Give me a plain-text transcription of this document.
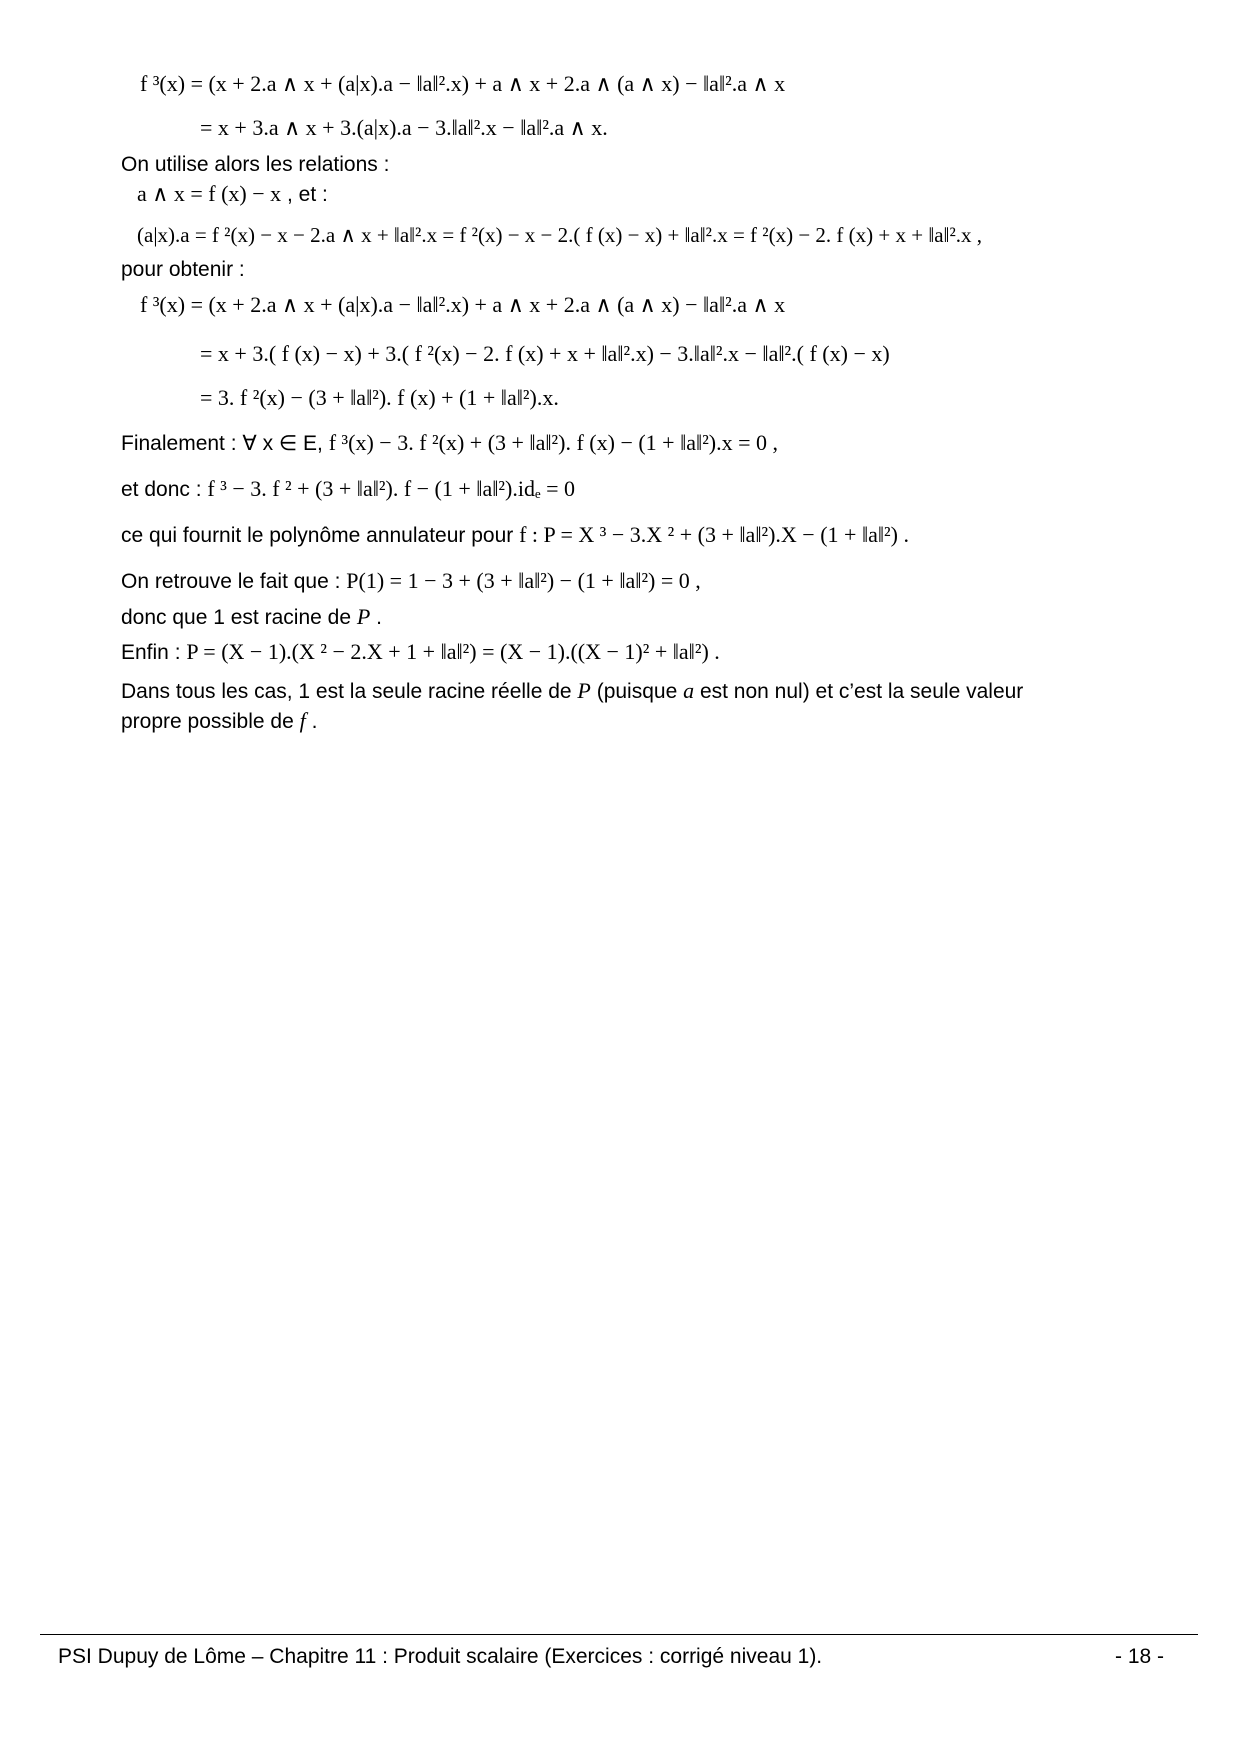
f ³(x) = (x + 2.a ∧ x + (a|x).a − ‖a‖².x) + a ∧ x + 2.a ∧ (a ∧ x) − ‖a‖².a ∧ x
= x + 3.a ∧ x + 3.(a|x).a − 3.‖a‖².x − ‖a‖².a ∧ x.
On utilise alors les relations :
a ∧ x = f (x) − x , et :
(a|x).a = f ²(x) − x − 2.a ∧ x + ‖a‖².x = f ²(x) − x − 2.( f (x) − x) + ‖a‖².x = f ²(x) − 2. f (x) + x + ‖a‖².x ,
pour obtenir :
f ³(x) = (x + 2.a ∧ x + (a|x).a − ‖a‖².x) + a ∧ x + 2.a ∧ (a ∧ x) − ‖a‖².a ∧ x
= x + 3.( f (x) − x) + 3.( f ²(x) − 2. f (x) + x + ‖a‖².x) − 3.‖a‖².x − ‖a‖².( f (x) − x)
= 3. f ²(x) − (3 + ‖a‖²). f (x) + (1 + ‖a‖²).x.
Finalement : ∀ x ∈ E, f ³(x) − 3. f ²(x) + (3 + ‖a‖²). f (x) − (1 + ‖a‖²).x = 0 ,
et donc : f ³ − 3. f ² + (3 + ‖a‖²). f − (1 + ‖a‖²).idₑ = 0
ce qui fournit le polynôme annulateur pour f : P = X ³ − 3.X ² + (3 + ‖a‖²).X − (1 + ‖a‖²) .
On retrouve le fait que : P(1) = 1 − 3 + (3 + ‖a‖²) − (1 + ‖a‖²) = 0 ,
donc que 1 est racine de P .
Enfin : P = (X − 1).(X ² − 2.X + 1 + ‖a‖²) = (X − 1).((X − 1)² + ‖a‖²) .
Dans tous les cas, 1 est la seule racine réelle de P (puisque a est non nul) et c’est la seule valeur
propre possible de f .
PSI Dupuy de Lôme – Chapitre 11 : Produit scalaire (Exercices : corrigé niveau 1).	- 18 -
